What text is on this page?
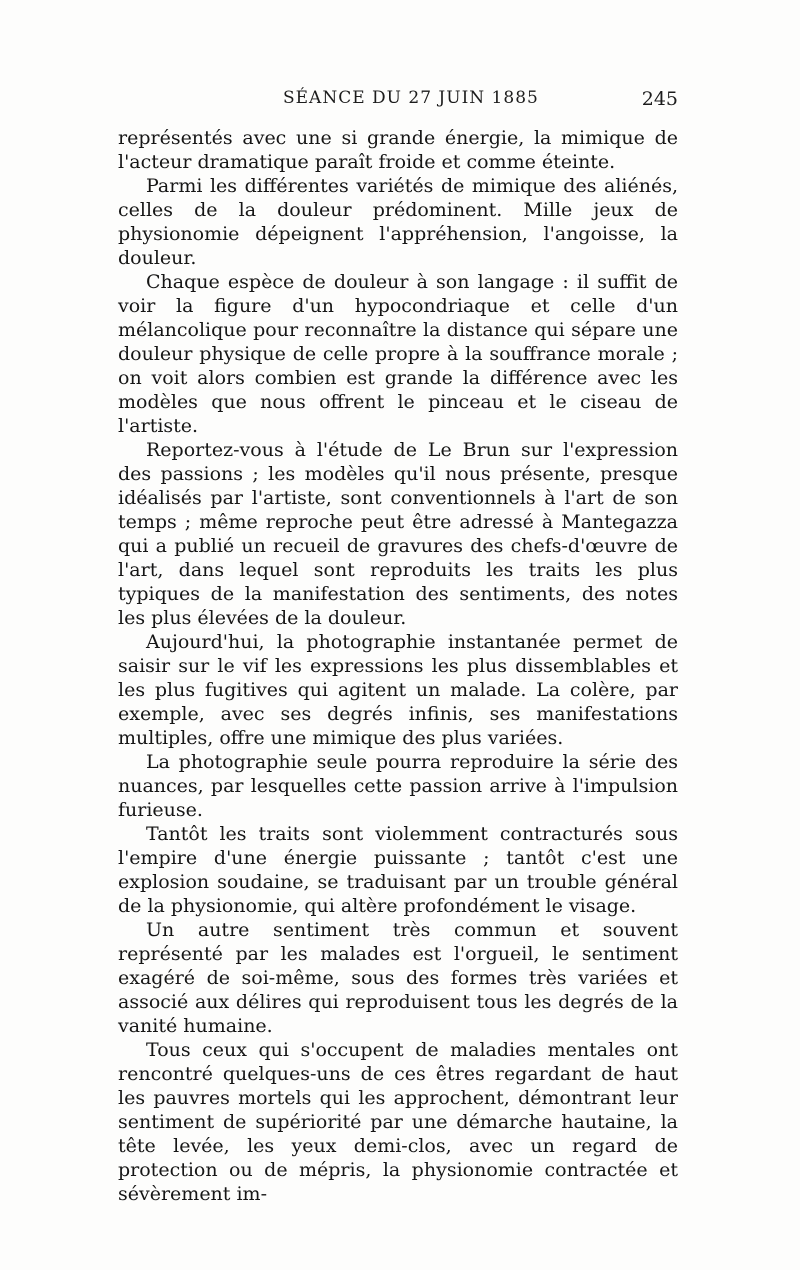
SÉANCE DU 27 JUIN 1885	245

représentés avec une si grande énergie, la mimique de l'acteur dramatique paraît froide et comme éteinte.

Parmi les différentes variétés de mimique des aliénés, celles de la douleur prédominent. Mille jeux de physionomie dépeignent l'appréhension, l'angoisse, la douleur.

Chaque espèce de douleur à son langage : il suffit de voir la figure d'un hypocondriaque et celle d'un mélancolique pour reconnaître la distance qui sépare une douleur physique de celle propre à la souffrance morale ; on voit alors combien est grande la différence avec les modèles que nous offrent le pinceau et le ciseau de l'artiste.

Reportez-vous à l'étude de Le Brun sur l'expression des passions ; les modèles qu'il nous présente, presque idéalisés par l'artiste, sont conventionnels à l'art de son temps ; même reproche peut être adressé à Mantegazza qui a publié un recueil de gravures des chefs-d'œuvre de l'art, dans lequel sont reproduits les traits les plus typiques de la manifestation des sentiments, des notes les plus élevées de la douleur.

Aujourd'hui, la photographie instantanée permet de saisir sur le vif les expressions les plus dissemblables et les plus fugitives qui agitent un malade. La colère, par exemple, avec ses degrés infinis, ses manifestations multiples, offre une mimique des plus variées.

La photographie seule pourra reproduire la série des nuances, par lesquelles cette passion arrive à l'impulsion furieuse.

Tantôt les traits sont violemment contracturés sous l'empire d'une énergie puissante ; tantôt c'est une explosion soudaine, se traduisant par un trouble général de la physionomie, qui altère profondément le visage.

Un autre sentiment très commun et souvent représenté par les malades est l'orgueil, le sentiment exagéré de soi-même, sous des formes très variées et associé aux délires qui reproduisent tous les degrés de la vanité humaine.

Tous ceux qui s'occupent de maladies mentales ont rencontré quelques-uns de ces êtres regardant de haut les pauvres mortels qui les approchent, démontrant leur sentiment de supériorité par une démarche hautaine, la tête levée, les yeux demi-clos, avec un regard de protection ou de mépris, la physionomie contractée et sévèrement im-
